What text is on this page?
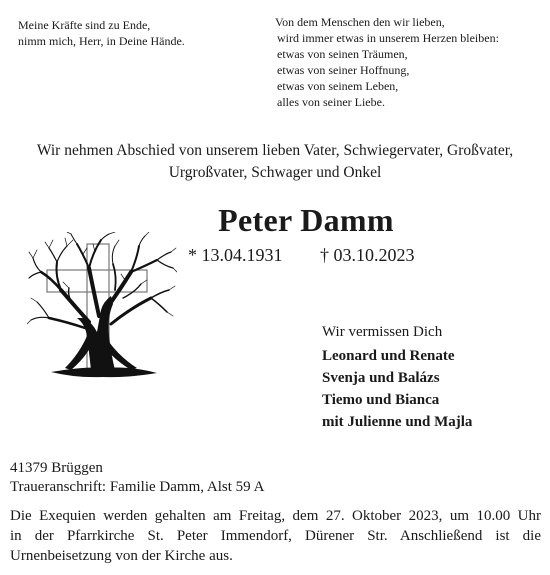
Meine Kräfte sind zu Ende,
nimm mich, Herr, in Deine Hände.
Von dem Menschen den wir lieben,
wird immer etwas in unserem Herzen bleiben:
etwas von seinen Träumen,
etwas von seiner Hoffnung,
etwas von seinem Leben,
alles von seiner Liebe.
Wir nehmen Abschied von unserem lieben Vater, Schwiegervater, Großvater,
Urgroßvater, Schwager und Onkel
Peter Damm
* 13.04.1931 † 03.10.2023
Wir vermissen Dich
Leonard und Renate
Svenja und Balázs
Tiemo und Bianca
mit Julienne und Majla
41379 Brüggen
Traueranschrift: Familie Damm, Alst 59 A
Die Exequien werden gehalten am Freitag, dem 27. Oktober 2023, um 10.00 Uhr
in der Pfarrkirche St. Peter Immendorf, Dürener Str. Anschließend ist die
Urnenbeisetzung von der Kirche aus.
